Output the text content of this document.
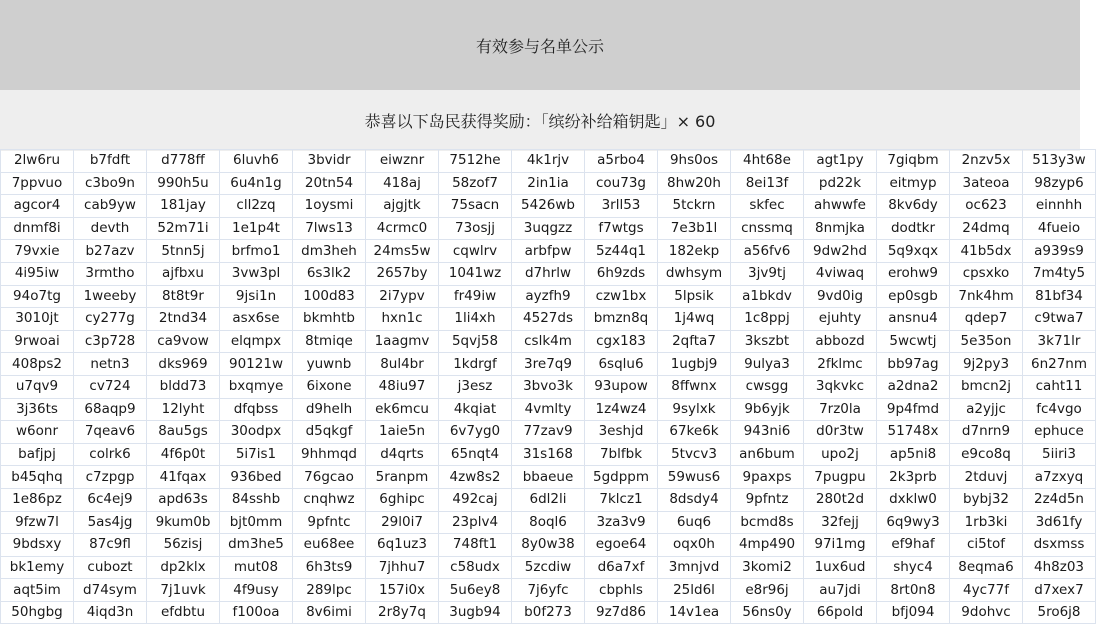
有效参与名单公示
恭喜以下岛民获得奖励：「缤纷补给箱钥匙」× 60
2lw6ru	b7fdft	d778ff	6luvh6	3bvidr	eiwznr	7512he	4k1rjv	a5rbo4	9hs0os	4ht68e	agt1py	7giqbm	2nzv5x	513y3w
7ppvuo	c3bo9n	990h5u	6u4n1g	20tn54	418aj	58zof7	2in1ia	cou73g	8hw20h	8ei13f	pd22k	eitmyp	3ateoa	98zyp6
agcor4	cab9yw	181jay	cll2zq	1oysmi	ajgjtk	75sacn	5426wb	3rll53	5tckrn	skfec	ahwwfe	8kv6dy	oc623	einnhh
dnmf8i	devth	52m71i	1e1p4t	7lws13	4crmc0	73osjj	3uqgzz	f7wtgs	7e3b1l	cnssmq	8nmjka	dodtkr	24dmq	4fueio
79vxie	b27azv	5tnn5j	brfmo1	dm3heh	24ms5w	cqwlrv	arbfpw	5z44q1	182ekp	a56fv6	9dw2hd	5q9xqx	41b5dx	a939s9
4i95iw	3rmtho	ajfbxu	3vw3pl	6s3lk2	2657by	1041wz	d7hrlw	6h9zds	dwhsym	3jv9tj	4viwaq	erohw9	cpsxko	7m4ty5
94o7tg	1weeby	8t8t9r	9jsi1n	100d83	2i7ypv	fr49iw	ayzfh9	czw1bx	5lpsik	a1bkdv	9vd0ig	ep0sgb	7nk4hm	81bf34
3010jt	cy277g	2tnd34	asx6se	bkmhtb	hxn1c	1li4xh	4527ds	bmzn8q	1j4wq	1c8ppj	ejuhty	ansnu4	qdep7	c9twa7
9rwoai	c3p728	ca9vow	elqmpx	8tmiqe	1aagmv	5qvj58	cslk4m	cgx183	2qfta7	3kszbt	abbozd	5wcwtj	5e35on	3k71lr
408ps2	netn3	dks969	90121w	yuwnb	8ul4br	1kdrgf	3re7q9	6sqlu6	1ugbj9	9ulya3	2fklmc	bb97ag	9j2py3	6n27nm
u7qv9	cv724	bldd73	bxqmye	6ixone	48iu97	j3esz	3bvo3k	93upow	8ffwnx	cwsgg	3qkvkc	a2dna2	bmcn2j	caht11
3j36ts	68aqp9	12lyht	dfqbss	d9helh	ek6mcu	4kqiat	4vmlty	1z4wz4	9sylxk	9b6yjk	7rz0la	9p4fmd	a2yjjc	fc4vgo
w6onr	7qeav6	8au5gs	30odpx	d5qkgf	1aie5n	6v7yg0	77zav9	3eshjd	67ke6k	943ni6	d0r3tw	51748x	d7nrn9	ephuce
bafjpj	colrk6	4f6p0t	5i7is1	9hhmqd	d4qrts	65nqt4	31s168	7blfbk	5tvcv3	an6bum	upo2j	ap5ni8	e9co8q	5iiri3
b45qhq	c7zpgp	41fqax	936bed	76gcao	5ranpm	4zw8s2	bbaeue	5gdppm	59wus6	9paxps	7pugpu	2k3prb	2tduvj	a7zxyq
1e86pz	6c4ej9	apd63s	84sshb	cnqhwz	6ghipc	492caj	6dl2li	7klcz1	8dsdy4	9pfntz	280t2d	dxklw0	bybj32	2z4d5n
9fzw7l	5as4jg	9kum0b	bjt0mm	9pfntc	29l0i7	23plv4	8oql6	3za3v9	6uq6	bcmd8s	32fejj	6q9wy3	1rb3ki	3d61fy
9bdsxy	87c9fl	56zisj	dm3he5	eu68ee	6q1uz3	748ft1	8y0w38	egoe64	oqx0h	4mp490	97i1mg	ef9haf	ci5tof	dsxmss
bk1emy	cubozt	dp2klx	mut08	6h3ts9	7jhhu7	c58udx	5zcdiw	d6a7xf	3mnjvd	3komi2	1ux6ud	shyc4	8eqma6	4h8z03
aqt5im	d74sym	7j1uvk	4f9usy	289lpc	157i0x	5u6ey8	7j6yfc	cbphls	25ld6l	e8r96j	au7jdi	8rt0n8	4yc77f	d7xex7
50hgbg	4iqd3n	efdbtu	f100oa	8v6imi	2r8y7q	3ugb94	b0f273	9z7d86	14v1ea	56ns0y	66pold	bfj094	9dohvc	5ro6j8
